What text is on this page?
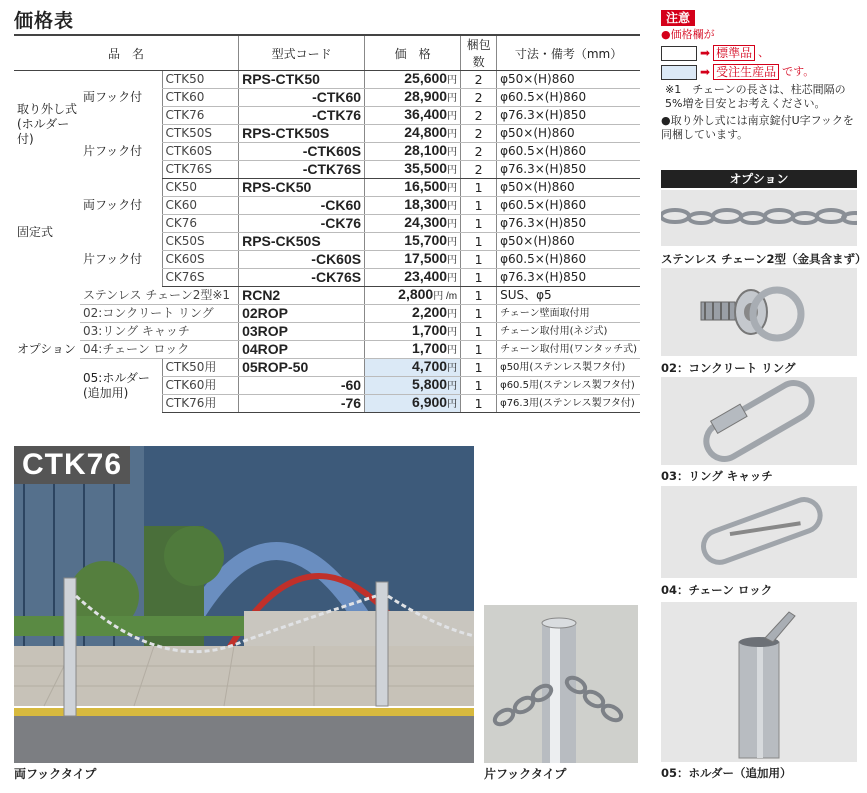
価格表
品　名			型式コード	価　格	梱包数	寸法・備考（mm）
取り外し式
(ホルダー付)	両フック付	CTK50	RPS-CTK50	25,600円	2	φ50×(H)860
		CTK60	-CTK60	28,900円	2	φ60.5×(H)860
		CTK76	-CTK76	36,400円	2	φ76.3×(H)850
	片フック付	CTK50S	RPS-CTK50S	24,800円	2	φ50×(H)860
		CTK60S	-CTK60S	28,100円	2	φ60.5×(H)860
		CTK76S	-CTK76S	35,500円	2	φ76.3×(H)850
固定式	両フック付	CK50	RPS-CK50	16,500円	1	φ50×(H)860
		CK60	-CK60	18,300円	1	φ60.5×(H)860
		CK76	-CK76	24,300円	1	φ76.3×(H)850
	片フック付	CK50S	RPS-CK50S	15,700円	1	φ50×(H)860
		CK60S	-CK60S	17,500円	1	φ60.5×(H)860
		CK76S	-CK76S	23,400円	1	φ76.3×(H)850
オプション	ステンレス チェーン2型※1		RCN2	2,800円 /m	1	SUS、φ5
	02:コンクリート リング		02ROP	2,200円	1	チェーン壁面取付用
	03:リング キャッチ		03ROP	1,700円	1	チェーン取付用(ネジ式)
	04:チェーン ロック		04ROP	1,700円	1	チェーン取付用(ワンタッチ式)
	05:ホルダー
(追加用)	CTK50用	05ROP-50	4,700円	1	φ50用(ステンレス製フタ付)
		CTK60用	-60	5,800円	1	φ60.5用(ステンレス製フタ付)
		CTK76用	-76	6,900円	1	φ76.3用(ステンレス製フタ付)
注意
●価格欄が
➡ 標準品 、
➡ 受注生産品 です。

※1　チェーンの長さは、柱芯間隔の5%増を目安とお考えください。

●取り外し式には南京錠付U字フックを同梱しています。

オプション
ステンレス チェーン2型（金具含まず）
02：コンクリート リング
03：リング キャッチ
04：チェーン ロック
05：ホルダー（追加用）
CTK76
両フックタイプ	片フックタイプ
